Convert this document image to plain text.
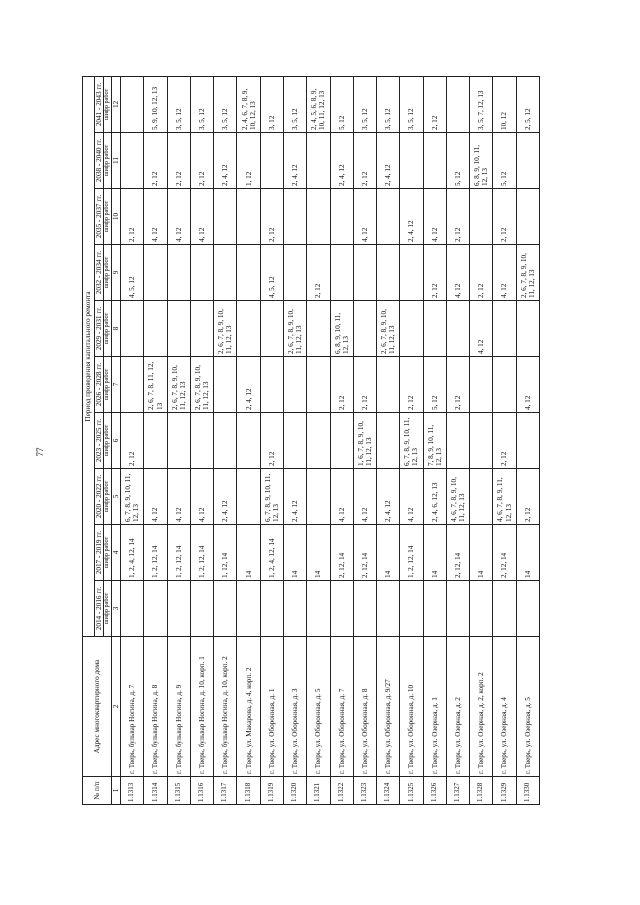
77
№ п/п	Адрес многоквартирного дома	Период проведения капитального ремонта									
		2014 - 2016 гг.	2017 - 2019 гг.	2020 - 2022 гг.	2023 - 2025 гг.	2026 - 2028 гг.	2029 - 2031 гг.	2032 - 2034 гг.	2035 - 2037 гг.	2038 - 2040 гг.	2041 - 2043 гг.
		шифр работ	шифр работ	шифр работ	шифр работ	шифр работ	шифр работ	шифр работ	шифр работ	шифр работ	шифр работ
1	2	3	4	5	6	7	8	9	10	11	12
1.1313	г. Тверь, бульвар Ногина, д. 7		1, 2, 4, 12, 14	6, 7, 8, 9, 10, 11, 12, 13	2, 12			4, 5, 12	2, 12		
1.1314	г. Тверь, бульвар Ногина, д. 8		1, 2, 12, 14	4, 12		2, 6, 7, 8, 11, 12, 13			4, 12	2, 12	5, 9, 10, 12, 13
1.1315	г. Тверь, бульвар Ногина, д. 9		1, 2, 12, 14	4, 12		2, 6, 7, 8, 9, 10, 11, 12, 13			4, 12	2, 12	3, 5, 12
1.1316	г. Тверь, бульвар Ногина, д. 10, корп. 1		1, 2, 12, 14	4, 12		2, 6, 7, 8, 9, 10, 11, 12, 13			4, 12	2, 12	3, 5, 12
1.1317	г. Тверь, бульвар Ногина, д. 10, корп. 2		1, 12, 14	2, 4, 12			2, 6, 7, 8, 9, 10, 11, 12, 13			2, 4, 12	3, 5, 12
1.1318	г. Тверь, ул. Макарова, д. 4, корп. 2		14			2, 4, 12				1, 12	2, 4, 6, 7, 8, 9, 10, 12, 13
1.1319	г. Тверь, ул. Оборонная, д. 1		1, 2, 4, 12, 14	6, 7, 8, 9, 10, 11, 12, 13	2, 12			4, 5, 12	2, 12		3, 12
1.1320	г. Тверь, ул. Оборонная, д. 3		14	2, 4, 12			2, 6, 7, 8, 9, 10, 11, 12, 13			2, 4, 12	3, 5, 12
1.1321	г. Тверь, ул. Оборонная, д. 5		14					2, 12			2, 4, 5, 6, 8, 9, 10, 11, 12, 13
1.1322	г. Тверь, ул. Оборонная, д. 7		2, 12, 14	4, 12		2, 12	6, 8, 9, 10, 11, 12, 13			2, 4, 12	5, 12
1.1323	г. Тверь, ул. Оборонная, д. 8		2, 12, 14	4, 12	1, 6, 7, 8, 9, 10, 11, 12, 13	2, 12			4, 12	2, 12	3, 5, 12
1.1324	г. Тверь, ул. Оборонная, д. 9/27		14	2, 4, 12			2, 6, 7, 8, 9, 10, 11, 12, 13			2, 4, 12	3, 5, 12
1.1325	г. Тверь, ул. Оборонная, д. 10		1, 2, 12, 14	4, 12	6, 7, 8, 9, 10, 11, 12, 13	2, 12			2, 4, 12		3, 5, 12
1.1326	г. Тверь, ул. Озерная, д. 1		14	2, 4, 6, 12, 13	7, 8, 9, 10, 11, 12, 13	5, 12		2, 12	4, 12		2, 12
1.1327	г. Тверь, ул. Озерная, д. 2		2, 12, 14	4, 6, 7, 8, 9, 10, 11, 12, 13		2, 12		4, 12	2, 12	5, 12	
1.1328	г. Тверь, ул. Озерная, д. 2, корп. 2		14				4, 12	2, 12		6, 8, 9, 10, 11, 12, 13	3, 5, 7, 12, 13
1.1329	г. Тверь, ул. Озерная, д. 4		2, 12, 14	4, 6, 7, 8, 9, 11, 12, 13	2, 12			4, 12	2, 12	5, 12	10, 12
1.1330	г. Тверь, ул. Озерная, д. 5		14	2, 12		4, 12		2, 6, 7, 8, 9, 10, 11, 12, 13			2, 5, 12
